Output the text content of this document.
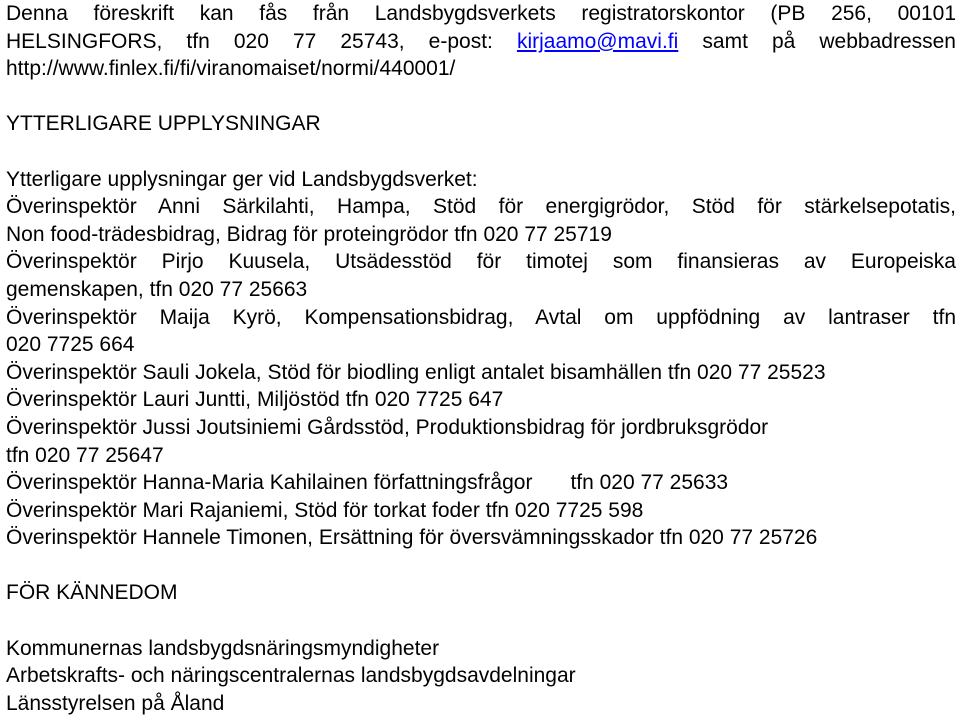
Denna föreskrift kan fås från Landsbygdsverkets registratorskontor (PB 256, 00101
HELSINGFORS, tfn 020 77 25743, e-post: kirjaamo@mavi.fi samt på webbadressen
http://www.finlex.fi/fi/viranomaiset/normi/440001/
YTTERLIGARE UPPLYSNINGAR
Ytterligare upplysningar ger vid Landsbygdsverket:
Överinspektör Anni Särkilahti, Hampa, Stöd för energigrödor, Stöd för stärkelsepotatis,
Non food-trädesbidrag, Bidrag för proteingrödor tfn 020 77 25719
Överinspektör Pirjo Kuusela, Utsädesstöd för timotej som finansieras av Europeiska
gemenskapen, tfn 020 77 25663
Överinspektör Maija Kyrö, Kompensationsbidrag, Avtal om uppfödning av lantraser tfn
020 7725 664
Överinspektör Sauli Jokela, Stöd för biodling enligt antalet bisamhällen tfn 020 77 25523
Överinspektör Lauri Juntti, Miljöstöd tfn 020 7725 647
Överinspektör Jussi Joutsiniemi Gårdsstöd, Produktionsbidrag för jordbruksgrödor
tfn 020 77 25647
Överinspektör Hanna-Maria Kahilainen författningsfrågor tfn 020 77 25633
Överinspektör Mari Rajaniemi, Stöd för torkat foder tfn 020 7725 598
Överinspektör Hannele Timonen, Ersättning för översvämningsskador tfn 020 77 25726
FÖR KÄNNEDOM
Kommunernas landsbygdsnäringsmyndigheter
Arbetskrafts- och näringscentralernas landsbygdsavdelningar
Länsstyrelsen på Åland
